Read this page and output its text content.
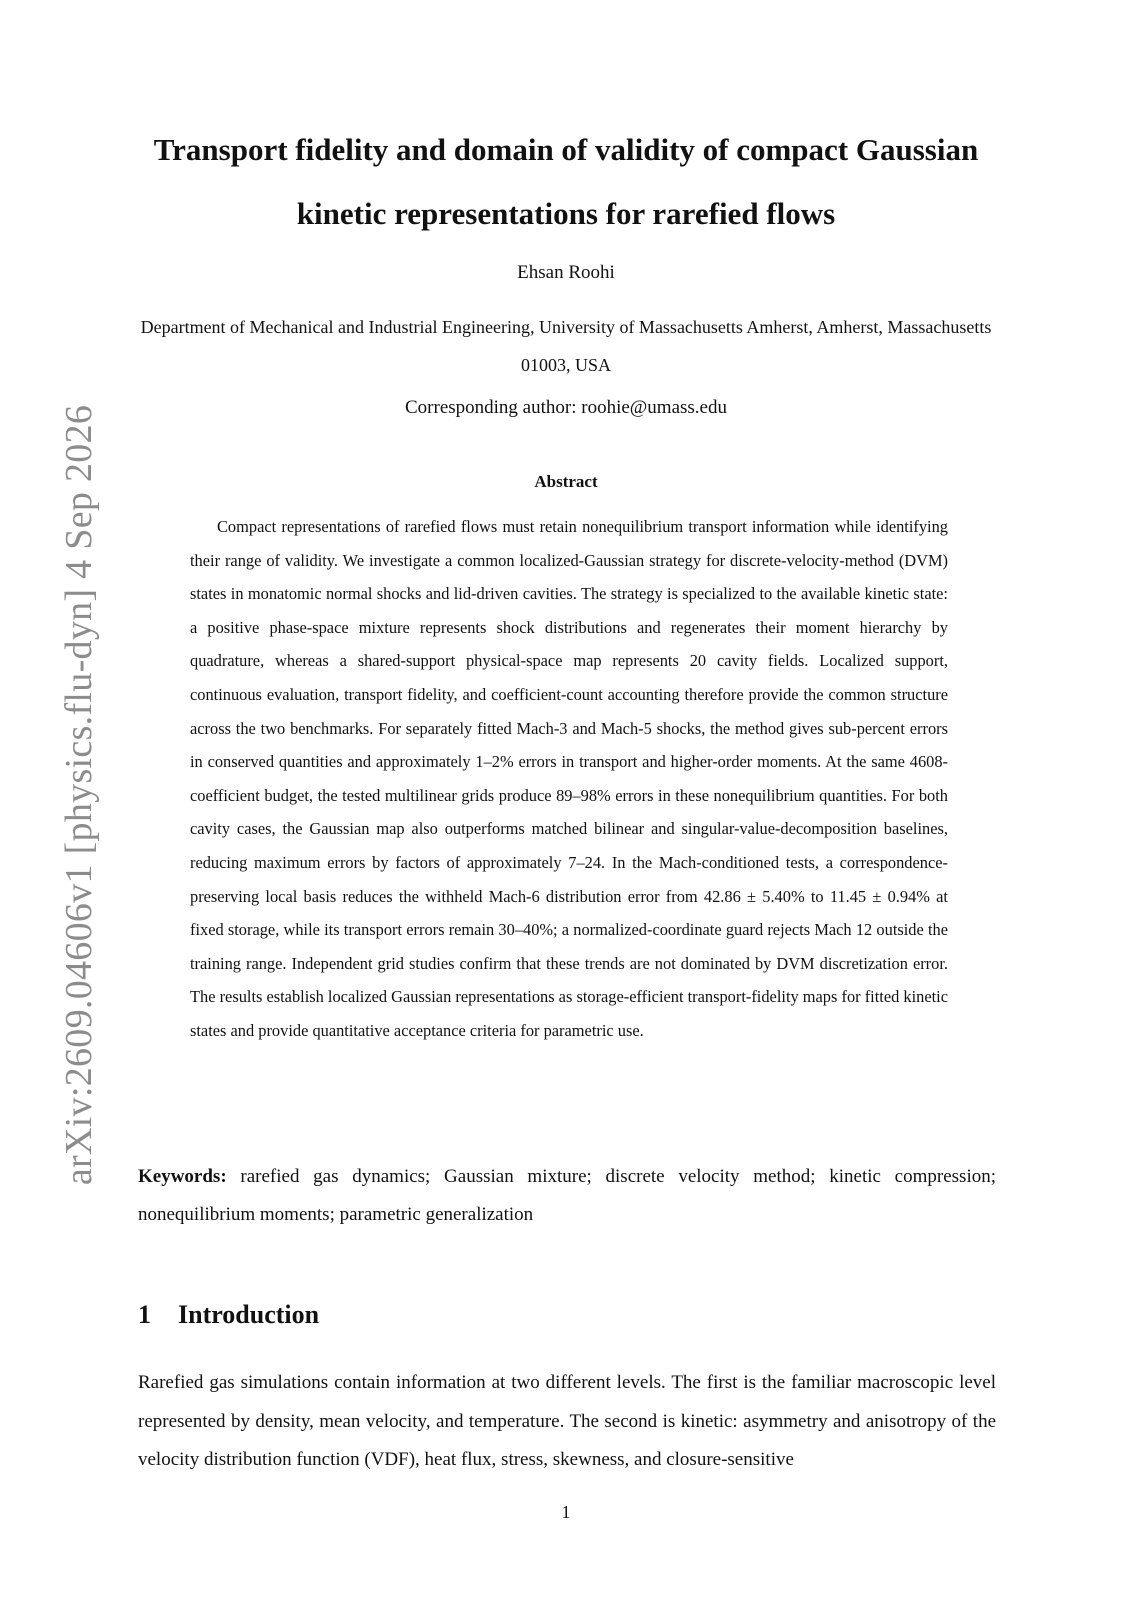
arXiv:2609.04606v1 [physics.flu-dyn] 4 Sep 2026
Transport fidelity and domain of validity of compact Gaussian kinetic representations for rarefied flows
Ehsan Roohi
Department of Mechanical and Industrial Engineering, University of Massachusetts Amherst, Amherst, Massachusetts 01003, USA
Corresponding author: roohie@umass.edu
Abstract

Compact representations of rarefied flows must retain nonequilibrium transport information while identifying their range of validity. We investigate a common localized-Gaussian strategy for discrete-velocity-method (DVM) states in monatomic normal shocks and lid-driven cavities. The strategy is specialized to the available kinetic state: a positive phase-space mixture represents shock distributions and regenerates their moment hierarchy by quadrature, whereas a shared-support physical-space map represents 20 cavity fields. Localized support, continuous evaluation, transport fidelity, and coefficient-count accounting therefore provide the common structure across the two benchmarks. For separately fitted Mach-3 and Mach-5 shocks, the method gives sub-percent errors in conserved quantities and approximately 1–2% errors in transport and higher-order moments. At the same 4608-coefficient budget, the tested multilinear grids produce 89–98% errors in these nonequilibrium quantities. For both cavity cases, the Gaussian map also outperforms matched bilinear and singular-value-decomposition baselines, reducing maximum errors by factors of approximately 7–24. In the Mach-conditioned tests, a correspondence-preserving local basis reduces the withheld Mach-6 distribution error from 42.86 ± 5.40% to 11.45 ± 0.94% at fixed storage, while its transport errors remain 30–40%; a normalized-coordinate guard rejects Mach 12 outside the training range. Independent grid studies confirm that these trends are not dominated by DVM discretization error. The results establish localized Gaussian representations as storage-efficient transport-fidelity maps for fitted kinetic states and provide quantitative acceptance criteria for parametric use.

Keywords: rarefied gas dynamics; Gaussian mixture; discrete velocity method; kinetic compression; nonequilibrium moments; parametric generalization

1 Introduction

Rarefied gas simulations contain information at two different levels. The first is the familiar macroscopic level represented by density, mean velocity, and temperature. The second is kinetic: asymmetry and anisotropy of the velocity distribution function (VDF), heat flux, stress, skewness, and closure-sensitive

1
